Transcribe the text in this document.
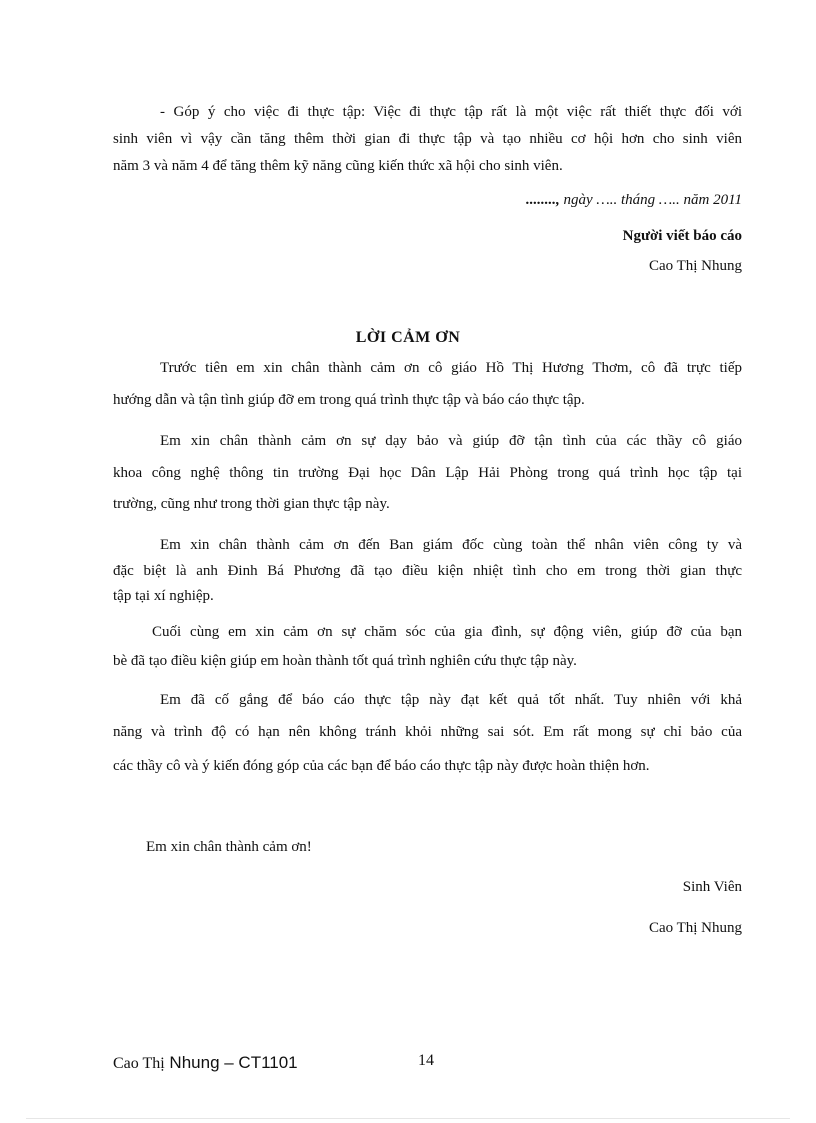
- Góp ý cho việc đi thực tập: Việc đi thực tập rất là một việc rất thiết thực đối với
sinh viên vì vậy cần tăng thêm thời gian đi thực tập và tạo nhiều cơ hội hơn cho sinh viên
năm 3 và năm 4 để tăng thêm kỹ năng cũng kiến thức xã hội cho sinh viên.
........, ngày ….. tháng ….. năm 2011
Người viết báo cáo
Cao Thị Nhung
LỜI CẢM ƠN
Trước tiên em xin chân thành cảm ơn cô giáo Hồ Thị Hương Thơm, cô đã trực tiếp
hướng dẫn và tận tình giúp đỡ em trong quá trình thực tập và báo cáo thực tập.
Em xin chân thành cảm ơn sự dạy bảo và giúp đỡ tận tình của các thầy cô giáo
khoa công nghệ thông tin trường Đại học Dân Lập Hải Phòng trong quá trình học tập tại
trường, cũng như trong thời gian thực tập này.
Em xin chân thành cảm ơn đến Ban giám đốc cùng toàn thể nhân viên công ty và
đặc biệt là anh Đinh Bá Phương đã tạo điều kiện nhiệt tình cho em trong thời gian thực
tập tại xí nghiệp.
Cuối cùng em xin cảm ơn sự chăm sóc của gia đình, sự động viên, giúp đỡ của bạn
bè đã tạo điều kiện giúp em hoàn thành tốt quá trình nghiên cứu thực tập này.
Em đã cố gắng để báo cáo thực tập này đạt kết quả tốt nhất. Tuy nhiên với khả
năng và trình độ có hạn nên không tránh khỏi những sai sót. Em rất mong sự chỉ bảo của
các thầy cô và ý kiến đóng góp của các bạn để báo cáo thực tập này được hoàn thiện hơn.
Em xin chân thành cảm ơn!
Sinh Viên
Cao Thị Nhung
Cao Thị Nhung – CT1101	14
